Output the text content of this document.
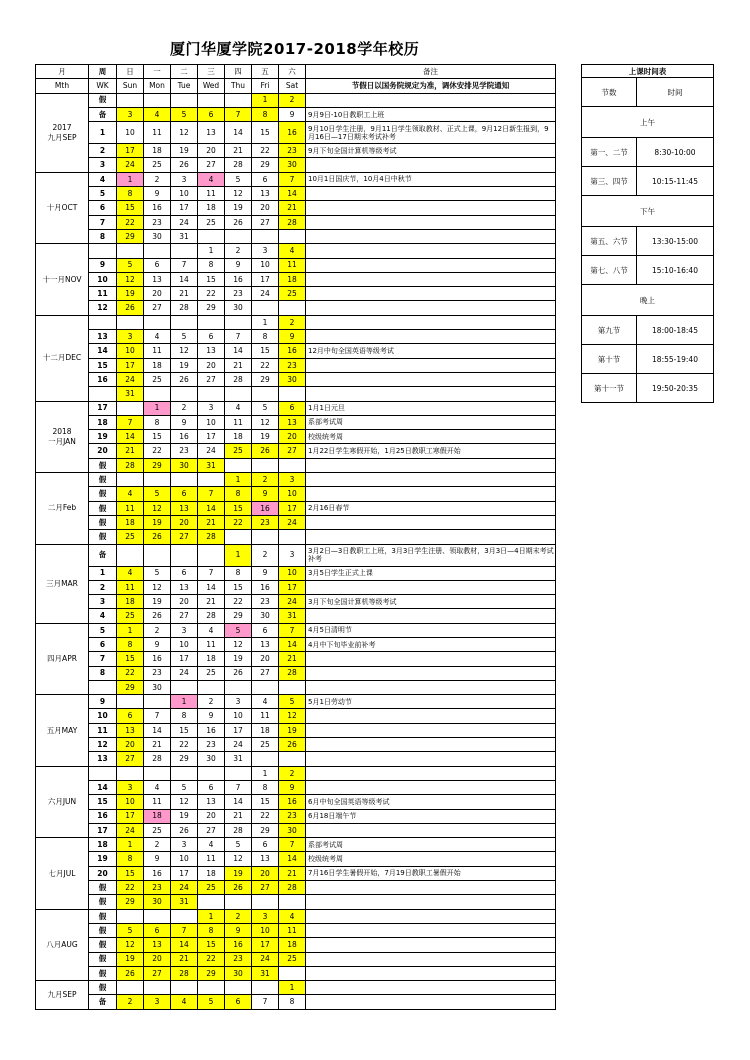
厦门华厦学院2017-2018学年校历
月	周	日	一	二	三	四	五	六	备注
Mth	WK	Sun	Mon	Tue	Wed	Thu	Fri	Sat	节假日以国务院规定为准，调休安排见学院通知
2017
九月SEP	假						1	2	
	备	3	4	5	6	7	8	9	9月9日-10日教职工上班
	1	10	11	12	13	14	15	16	9月10日学生注册，9月11日学生领取教材、正式上课，9月12日新生报到，9月16日—17日期末考试补考
	2	17	18	19	20	21	22	23	9月下旬全国计算机等级考试
	3	24	25	26	27	28	29	30	
十月OCT	4	1	2	3	4	5	6	7	10月1日国庆节，10月4日中秋节
	5	8	9	10	11	12	13	14	
	6	15	16	17	18	19	20	21	
	7	22	23	24	25	26	27	28	
	8	29	30	31					
十一月NOV					1	2	3	4	
	9	5	6	7	8	9	10	11	
	10	12	13	14	15	16	17	18	
	11	19	20	21	22	23	24	25	
	12	26	27	28	29	30			
十二月DEC							1	2	
	13	3	4	5	6	7	8	9	
	14	10	11	12	13	14	15	16	12月中旬全国英语等级考试
	15	17	18	19	20	21	22	23	
	16	24	25	26	27	28	29	30	
		31							
2018
一月JAN	17		1	2	3	4	5	6	1月1日元旦
	18	7	8	9	10	11	12	13	系部考试周
	19	14	15	16	17	18	19	20	校级统考周
	20	21	22	23	24	25	26	27	1月22日学生寒假开始，1月25日教职工寒假开始
	假	28	29	30	31				
二月Feb	假					1	2	3	
	假	4	5	6	7	8	9	10	
	假	11	12	13	14	15	16	17	2月16日春节
	假	18	19	20	21	22	23	24	
	假	25	26	27	28				
三月MAR	备					1	2	3	3月2日—3日教职工上班，3月3日学生注册、领取教材，3月3日—4日期末考试补考
	1	4	5	6	7	8	9	10	3月5日学生正式上课
	2	11	12	13	14	15	16	17	
	3	18	19	20	21	22	23	24	3月下旬全国计算机等级考试
	4	25	26	27	28	29	30	31	
四月APR	5	1	2	3	4	5	6	7	4月5日清明节
	6	8	9	10	11	12	13	14	4月中下旬毕业前补考
	7	15	16	17	18	19	20	21	
	8	22	23	24	25	26	27	28	
		29	30						
五月MAY	9			1	2	3	4	5	5月1日劳动节
	10	6	7	8	9	10	11	12	
	11	13	14	15	16	17	18	19	
	12	20	21	22	23	24	25	26	
	13	27	28	29	30	31			
六月JUN							1	2	
	14	3	4	5	6	7	8	9	
	15	10	11	12	13	14	15	16	6月中旬全国英语等级考试
	16	17	18	19	20	21	22	23	6月18日端午节
	17	24	25	26	27	28	29	30	
七月JUL	18	1	2	3	4	5	6	7	系部考试周
	19	8	9	10	11	12	13	14	校级统考周
	20	15	16	17	18	19	20	21	7月16日学生暑假开始，7月19日教职工暑假开始
	假	22	23	24	25	26	27	28	
	假	29	30	31					
八月AUG	假				1	2	3	4	
	假	5	6	7	8	9	10	11	
	假	12	13	14	15	16	17	18	
	假	19	20	21	22	23	24	25	
	假	26	27	28	29	30	31		
九月SEP	假							1	
	备	2	3	4	5	6	7	8	
上课时间表	
节数	时间
上午	
第一、二节	8:30-10:00
第三、四节	10:15-11:45
下午	
第五、六节	13:30-15:00
第七、八节	15:10-16:40
晚上	
第九节	18:00-18:45
第十节	18:55-19:40
第十一节	19:50-20:35
